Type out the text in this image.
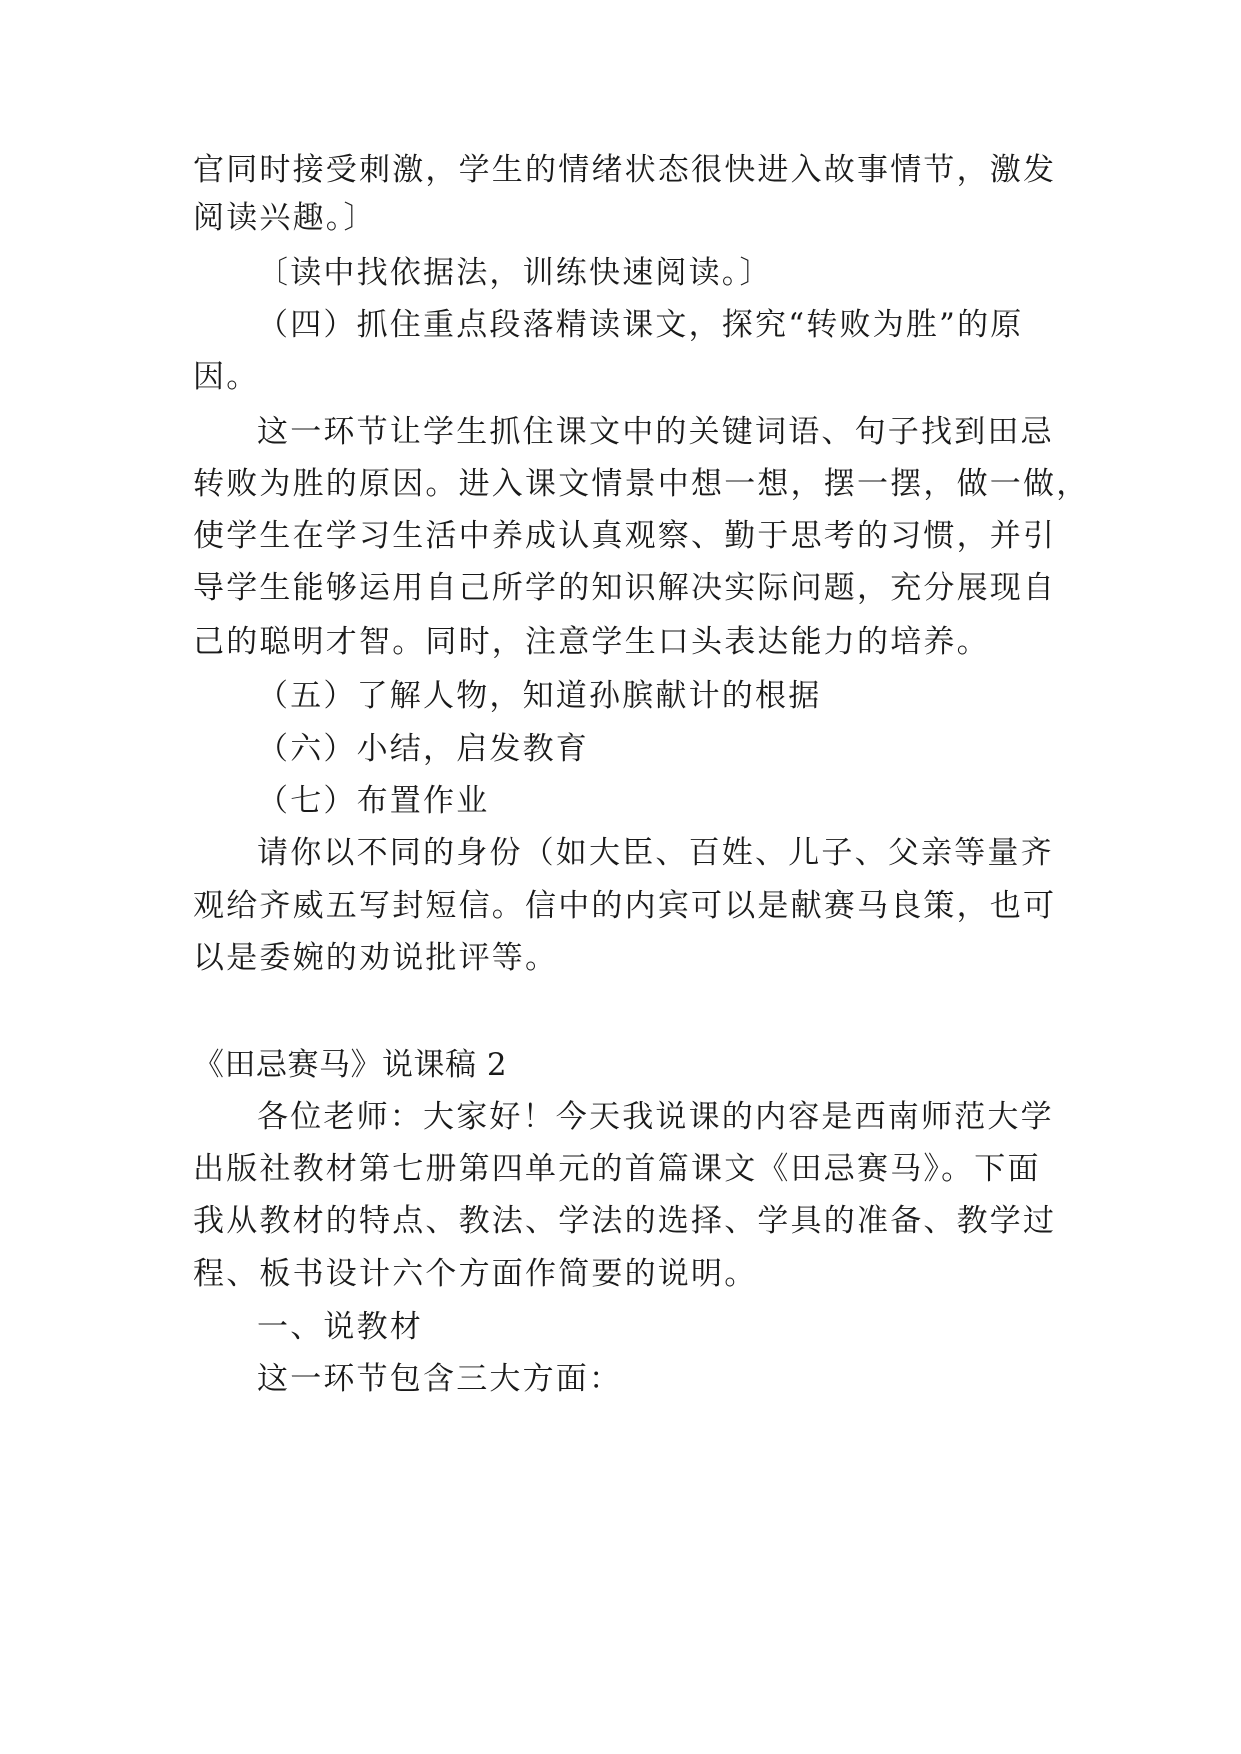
官同时接受刺激，学生的情绪状态很快进入故事情节，激发
阅读兴趣。〕
〔读中找依据法，训练快速阅读。〕
（四）抓住重点段落精读课文，探究“转败为胜”的原
因。
这一环节让学生抓住课文中的关键词语、句子找到田忌
转败为胜的原因。进入课文情景中想一想，摆一摆，做一做，
使学生在学习生活中养成认真观察、勤于思考的习惯，并引
导学生能够运用自己所学的知识解决实际问题，充分展现自
己的聪明才智。同时，注意学生口头表达能力的培养。
（五）了解人物，知道孙膑献计的根据
（六）小结，启发教育
（七）布置作业
请你以不同的身份（如大臣、百姓、儿子、父亲等量齐
观给齐威五写封短信。信中的内宾可以是献赛马良策，也可
以是委婉的劝说批评等。
《田忌赛马》说课稿 2
各位老师：大家好！今天我说课的内容是西南师范大学
出版社教材第七册第四单元的首篇课文《田忌赛马》。下面
我从教材的特点、教法、学法的选择、学具的准备、教学过
程、板书设计六个方面作简要的说明。
一、说教材
这一环节包含三大方面：
